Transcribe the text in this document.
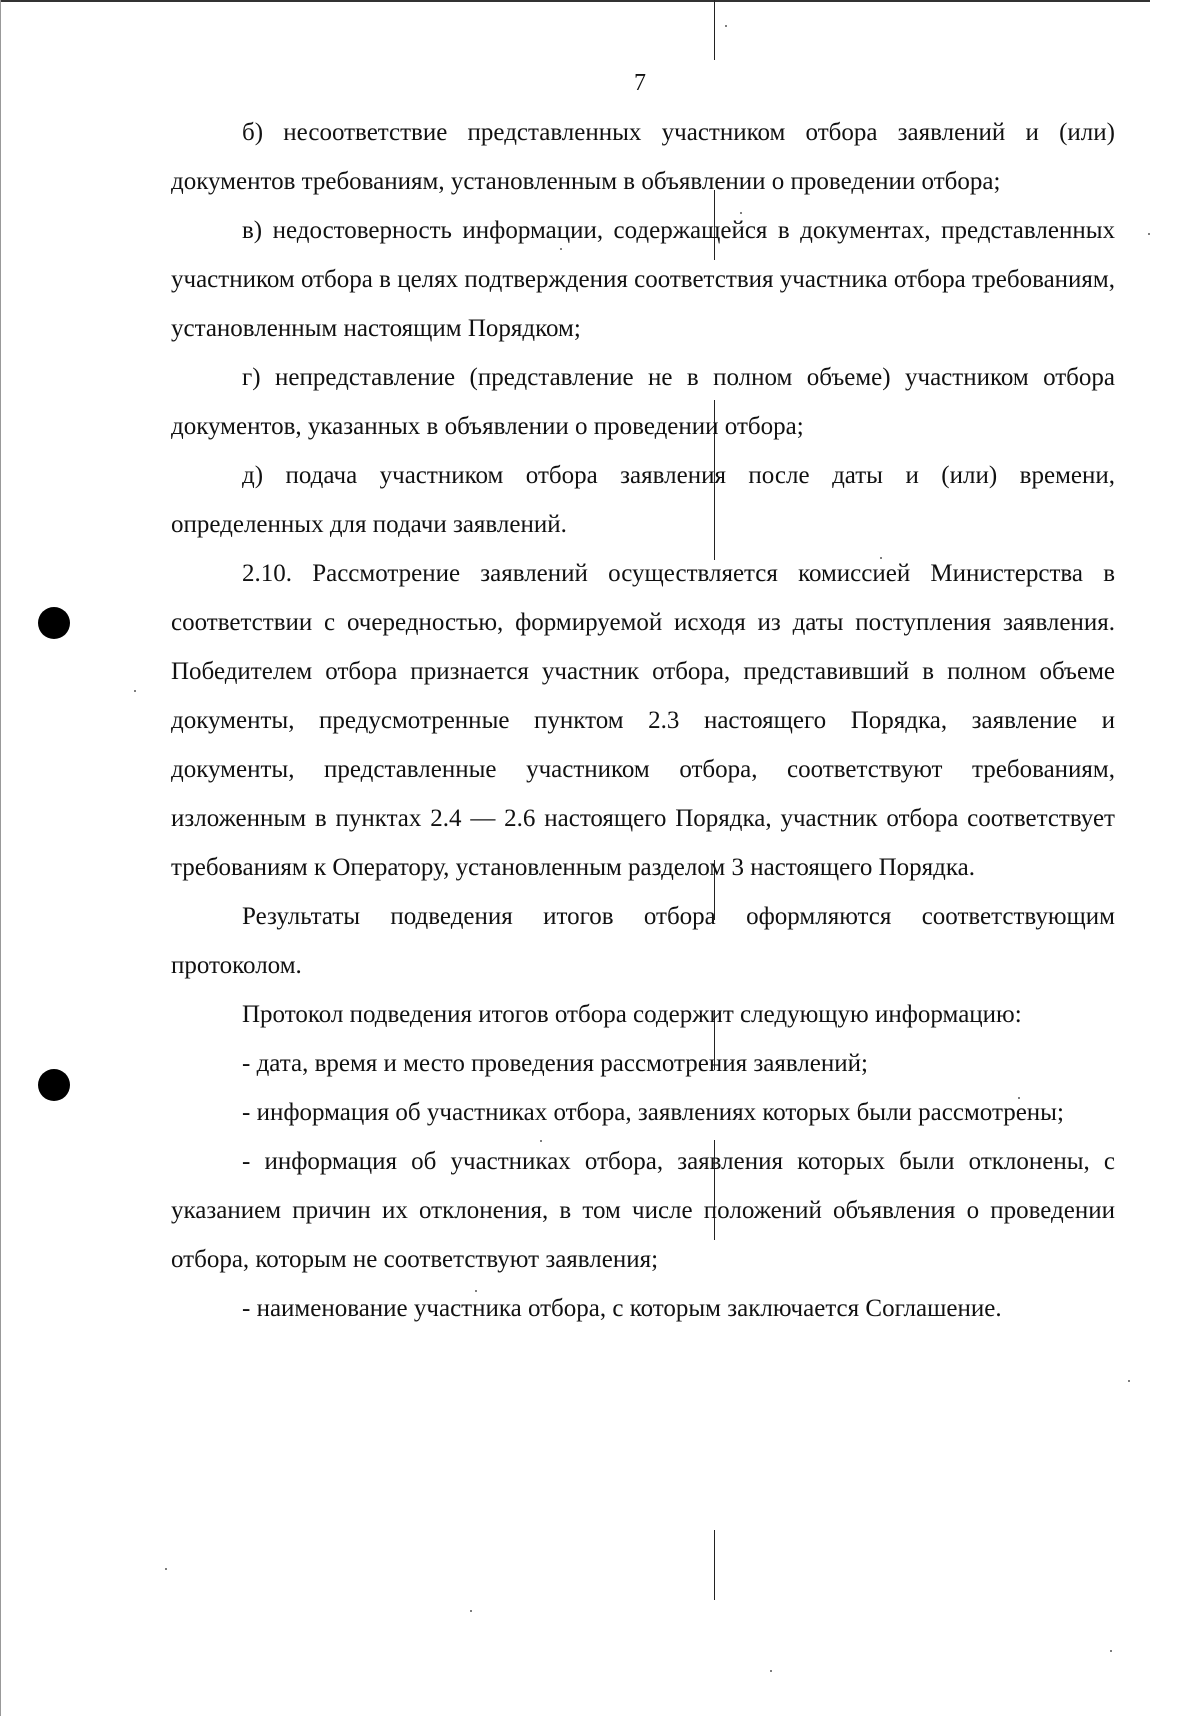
7

б) несоответствие представленных участником отбора заявлений и (или) документов требованиям, установленным в объявлении о проведении отбора;

в) недостоверность информации, содержащейся в документах, представленных участником отбора в целях подтверждения соответствия участника отбора требованиям, установленным настоящим Порядком;

г) непредставление (представление не в полном объеме) участником отбора документов, указанных в объявлении о проведении отбора;

д) подача участником отбора заявления после даты и (или) времени, определенных для подачи заявлений.

2.10. Рассмотрение заявлений осуществляется комиссией Министерства в соответствии с очередностью, формируемой исходя из даты поступления заявления. Победителем отбора признается участник отбора, представивший в полном объеме документы, предусмотренные пунктом 2.3 настоящего Порядка, заявление и документы, представленные участником отбора, соответствуют требованиям, изложенным в пунктах 2.4 — 2.6 настоящего Порядка, участник отбора соответствует требованиям к Оператору, установленным разделом 3 настоящего Порядка.

Результаты подведения итогов отбора оформляются соответствующим протоколом.

Протокол подведения итогов отбора содержит следующую информацию:

- дата, время и место проведения рассмотрения заявлений;

- информация об участниках отбора, заявлениях которых были рассмотрены;

- информация об участниках отбора, заявления которых были отклонены, с указанием причин их отклонения, в том числе положений объявления о проведении отбора, которым не соответствуют заявления;

- наименование участника отбора, с которым заключается Соглашение.
